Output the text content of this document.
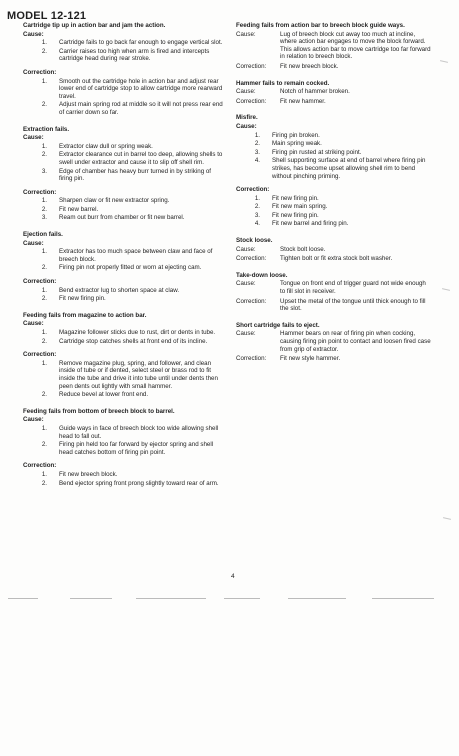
MODEL 12-121
Cartridge tip up in action bar and jam the action.
Cause:
1.	Cartridge fails to go back far enough to engage vertical slot.
2.	Carrier raises too high when arm is fired and intercepts cartridge head during rear stroke.
Correction:
1.	Smooth out the cartridge hole in action bar and adjust rear lower end of cartridge stop to allow cartridge more rearward travel.
2.	Adjust main spring rod at middle so it will not press rear end of carrier down so far.
Extraction fails.
Cause:
1.	Extractor claw dull or spring weak.
2.	Extractor clearance cut in barrel too deep, allowing shells to swell under extractor and cause it to slip off shell rim.
3.	Edge of chamber has heavy burr turned in by striking of firing pin.
Correction:
1.	Sharpen claw or fit new extractor spring.
2.	Fit new barrel.
3.	Ream out burr from chamber or fit new barrel.
Ejection fails.
Cause:
1.	Extractor has too much space between claw and face of breech block.
2.	Firing pin not properly fitted or worn at ejecting cam.
Correction:
1.	Bend extractor lug to shorten space at claw.
2.	Fit new firing pin.
Feeding fails from magazine to action bar.
Cause:
1.	Magazine follower sticks due to rust, dirt or dents in tube.
2.	Cartridge stop catches shells at front end of its incline.
Correction:
1.	Remove magazine plug, spring, and follower, and clean inside of tube or if dented, select steel or brass rod to fit inside the tube and drive it into tube until under dents then peen dents out lightly with small hammer.
2.	Reduce bevel at lower front end.
Feeding fails from bottom of breech block to barrel.
Cause:
1.	Guide ways in face of breech block too wide allowing shell head to fall out.
2.	Firing pin held too far forward by ejector spring and shell head catches bottom of firing pin point.
Correction:
1.	Fit new breech block.
2.	Bend ejector spring front prong slightly toward rear of arm.
Feeding fails from action bar to breech block guide ways.
Cause:	Lug of breech block cut away too much at incline, where action bar engages to move the block forward. This allows action bar to move cartridge too far forward in relation to breech block.
Correction:	Fit new breech block.
Hammer fails to remain cocked.
Cause:	Notch of hammer broken.
Correction:	Fit new hammer.
Misfire.
Cause:
1.	Firing pin broken.
2.	Main spring weak.
3.	Firing pin rusted at striking point.
4.	Shell supporting surface at end of barrel where firing pin strikes, has become upset allowing shell rim to bend without pinching priming.
Correction:
1.	Fit new firing pin.
2.	Fit new main spring.
3.	Fit new firing pin.
4.	Fit new barrel and firing pin.
Stock loose.
Cause:	Stock bolt loose.
Correction:	Tighten bolt or fit extra stock bolt washer.
Take-down loose.
Cause:	Tongue on front end of trigger guard not wide enough to fill slot in receiver.
Correction:	Upset the metal of the tongue until thick enough to fill the slot.
Short cartridge fails to eject.
Cause:	Hammer bears on rear of firing pin when cocking, causing firing pin point to contact and loosen fired case from grip of extractor.
Correction:	Fit new style hammer.
4
